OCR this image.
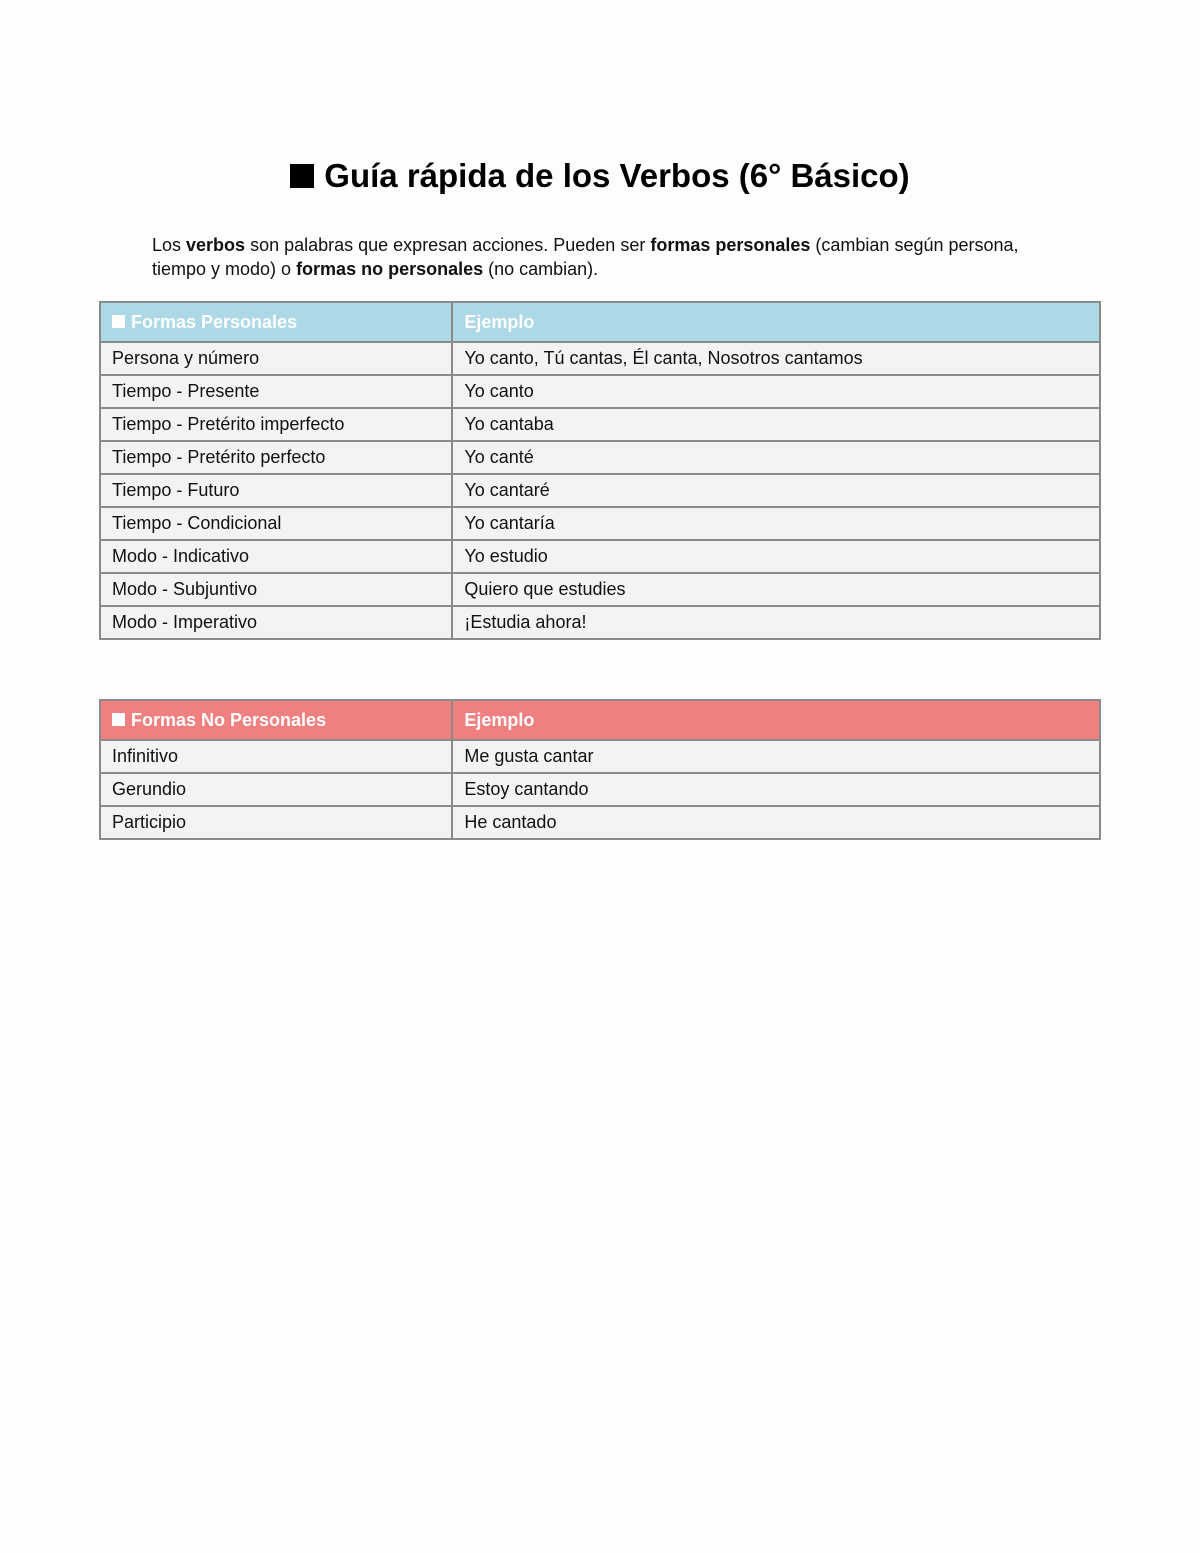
Guía rápida de los Verbos (6° Básico)

Los verbos son palabras que expresan acciones. Pueden ser formas personales (cambian según persona, tiempo y modo) o formas no personales (no cambian).

Formas Personales	Ejemplo
Persona y número	Yo canto, Tú cantas, Él canta, Nosotros cantamos
Tiempo - Presente	Yo canto
Tiempo - Pretérito imperfecto	Yo cantaba
Tiempo - Pretérito perfecto	Yo canté
Tiempo - Futuro	Yo cantaré
Tiempo - Condicional	Yo cantaría
Modo - Indicativo	Yo estudio
Modo - Subjuntivo	Quiero que estudies
Modo - Imperativo	¡Estudia ahora!
Formas No Personales	Ejemplo
Infinitivo	Me gusta cantar
Gerundio	Estoy cantando
Participio	He cantado
